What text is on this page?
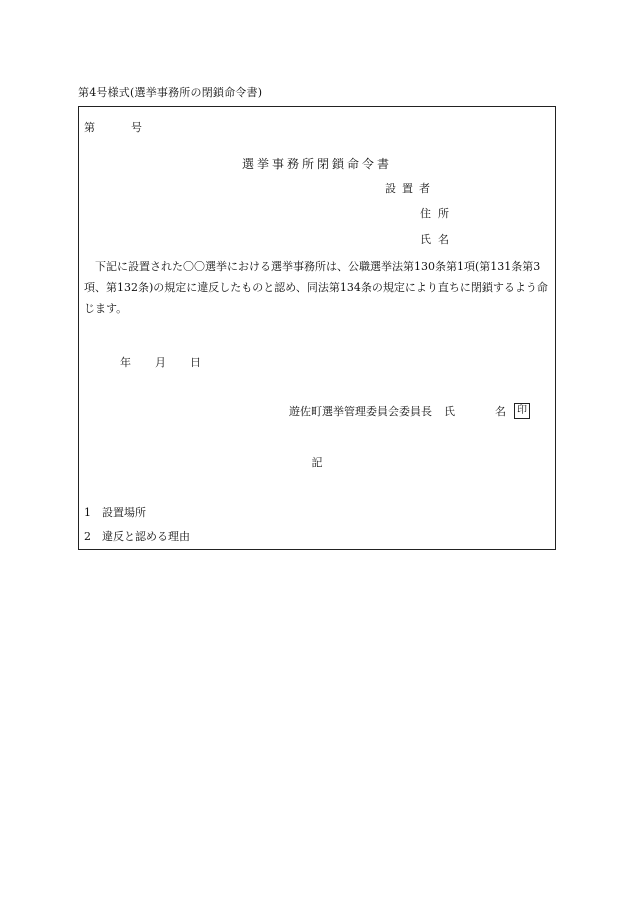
第4号様式(選挙事務所の閉鎖命令書)
第	号
選挙事務所閉鎖命令書
設置者
住所
氏名
下記に設置された〇〇選挙における選挙事務所は、公職選挙法第130条第1項(第131条第3項、第132条)の規定に違反したものと認め、同法第134条の規定により直ちに閉鎖するよう命じます。
年 月 日
遊佐町選挙管理委員会委員長 氏	名	印
記
1 設置場所
2 違反と認める理由
